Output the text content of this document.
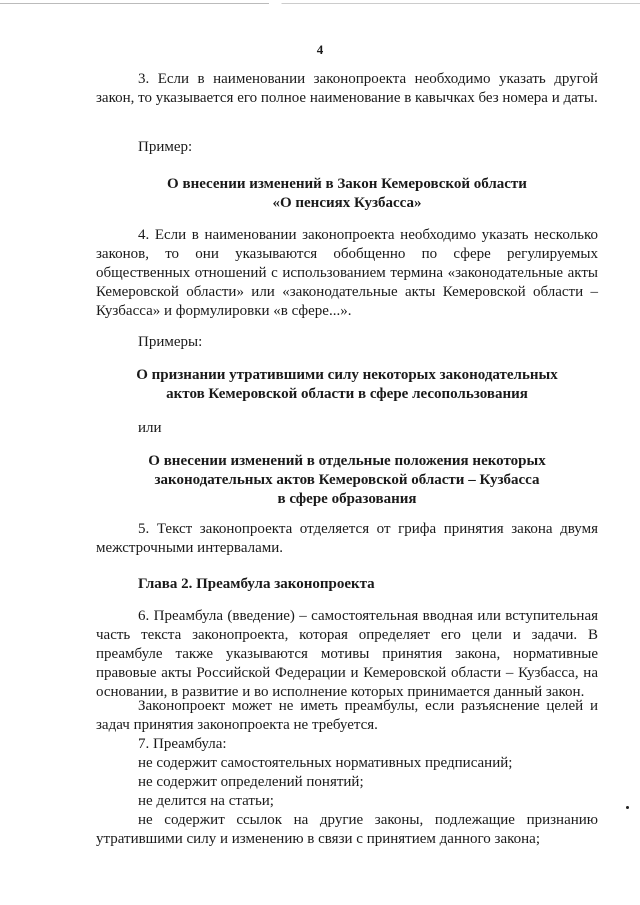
4

3. Если в наименовании законопроекта необходимо указать другой закон, то указывается его полное наименование в кавычках без номера и даты.

Пример:

О внесении изменений в Закон Кемеровской области

«О пенсиях Кузбасса»

4. Если в наименовании законопроекта необходимо указать несколько законов, то они указываются обобщенно по сфере регулируемых общественных отношений с использованием термина «законодательные акты Кемеровской области» или «законодательные акты Кемеровской области – Кузбасса» и формулировки «в сфере...».

Примеры:

О признании утратившими силу некоторых законодательных

актов Кемеровской области в сфере лесопользования

или

О внесении изменений в отдельные положения некоторых

законодательных актов Кемеровской области – Кузбасса

в сфере образования

5. Текст законопроекта отделяется от грифа принятия закона двумя межстрочными интервалами.

Глава 2. Преамбула законопроекта

6. Преамбула (введение) – самостоятельная вводная или вступительная часть текста законопроекта, которая определяет его цели и задачи. В преамбуле также указываются мотивы принятия закона, нормативные правовые акты Российской Федерации и Кемеровской области – Кузбасса, на основании, в развитие и во исполнение которых принимается данный закон.

Законопроект может не иметь преамбулы, если разъяснение целей и задач принятия законопроекта не требуется.

7. Преамбула:

не содержит самостоятельных нормативных предписаний;

не содержит определений понятий;

не делится на статьи;

не содержит ссылок на другие законы, подлежащие признанию утратившими силу и изменению в связи с принятием данного закона;
